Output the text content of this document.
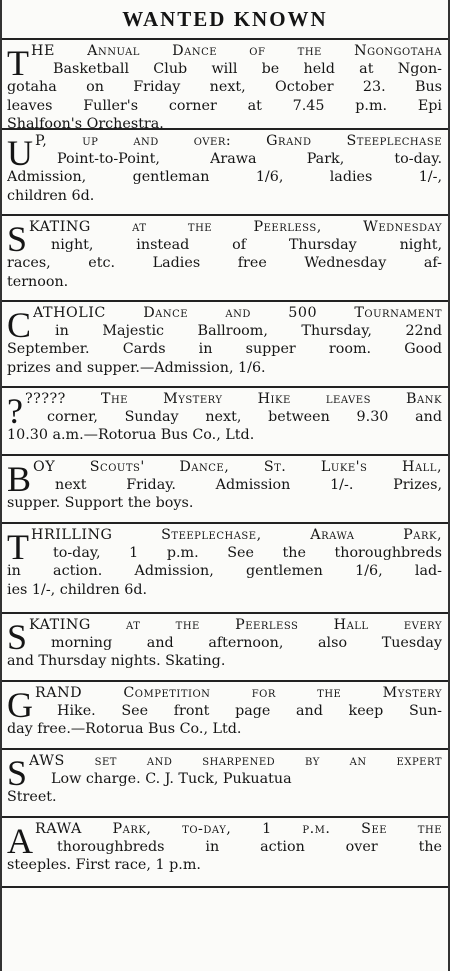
WANTED KNOWN
T HE Annual Dance of the Ngongotaha
Basketball Club will be held at Ngon-
gotaha on Friday next, October 23. Bus
leaves Fuller's corner at 7.45 p.m. Epi
Shalfoon's Orchestra.
U P, up and over: Grand Steeplechase
Point-to-Point, Arawa Park, to-day.
Admission, gentleman 1/6, ladies 1/-,
children 6d.
S KATING at the Peerless, Wednesday
night, instead of Thursday night,
races, etc. Ladies free Wednesday af-
ternoon.
C ATHOLIC Dance and 500 Tournament
in Majestic Ballroom, Thursday, 22nd
September. Cards in supper room. Good
prizes and supper.—Admission, 1/6.
? ????? The Mystery Hike leaves Bank
corner, Sunday next, between 9.30 and
10.30 a.m.—Rotorua Bus Co., Ltd.
B OY Scouts' Dance, St. Luke's Hall,
next Friday. Admission 1/-. Prizes,
supper. Support the boys.
T HRILLING Steeplechase, Arawa Park,
to-day, 1 p.m. See the thoroughbreds
in action. Admission, gentlemen 1/6, lad-
ies 1/-, children 6d.
S KATING at the Peerless Hall every
morning and afternoon, also Tuesday
and Thursday nights. Skating.
G RAND Competition for the Mystery
Hike. See front page and keep Sun-
day free.—Rotorua Bus Co., Ltd.
S AWS set and sharpened by an expert
Low charge. C. J. Tuck, Pukuatua
Street.
A RAWA Park, to-day, 1 p.m. See the
thoroughbreds in action over the
steeples. First race, 1 p.m.
